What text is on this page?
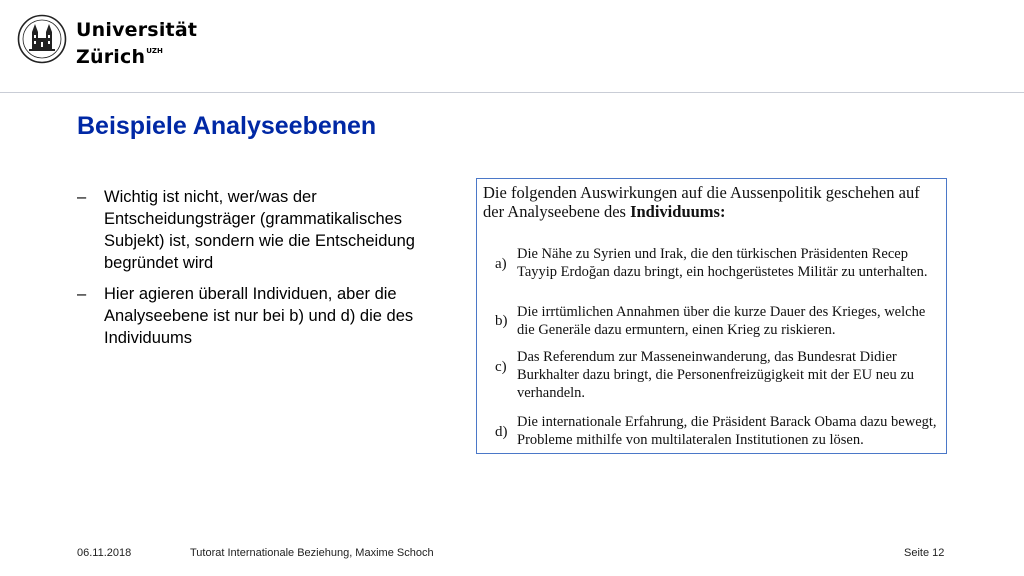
Universität
Zürich$^{UZH}$
Beispiele Analyseebenen
– Wichtig ist nicht, wer/was der Entscheidungsträger (grammatikalisches Subjekt) ist, sondern wie die Entscheidung begründet wird
– Hier agieren überall Individuen, aber die Analyseebene ist nur bei b) und d) die des Individuums
Die folgenden Auswirkungen auf die Aussenpolitik geschehen auf der Analyseebene des Individuums:
a)
Die Nähe zu Syrien und Irak, die den türkischen Präsidenten Recep Tayyip Erdoğan dazu bringt, ein hochgerüstetes Militär zu unterhalten.
b)
Die irrtümlichen Annahmen über die kurze Dauer des Krieges, welche die Generäle dazu ermuntern, einen Krieg zu riskieren.
c)
Das Referendum zur Masseneinwanderung, das Bundesrat Didier Burkhalter dazu bringt, die Personenfreizügigkeit mit der EU neu zu verhandeln.
d)
Die internationale Erfahrung, die Präsident Barack Obama dazu bewegt, Probleme mithilfe von multilateralen Institutionen zu lösen.
06.11.2018	Tutorat Internationale Beziehung, Maxime Schoch	Seite 12
